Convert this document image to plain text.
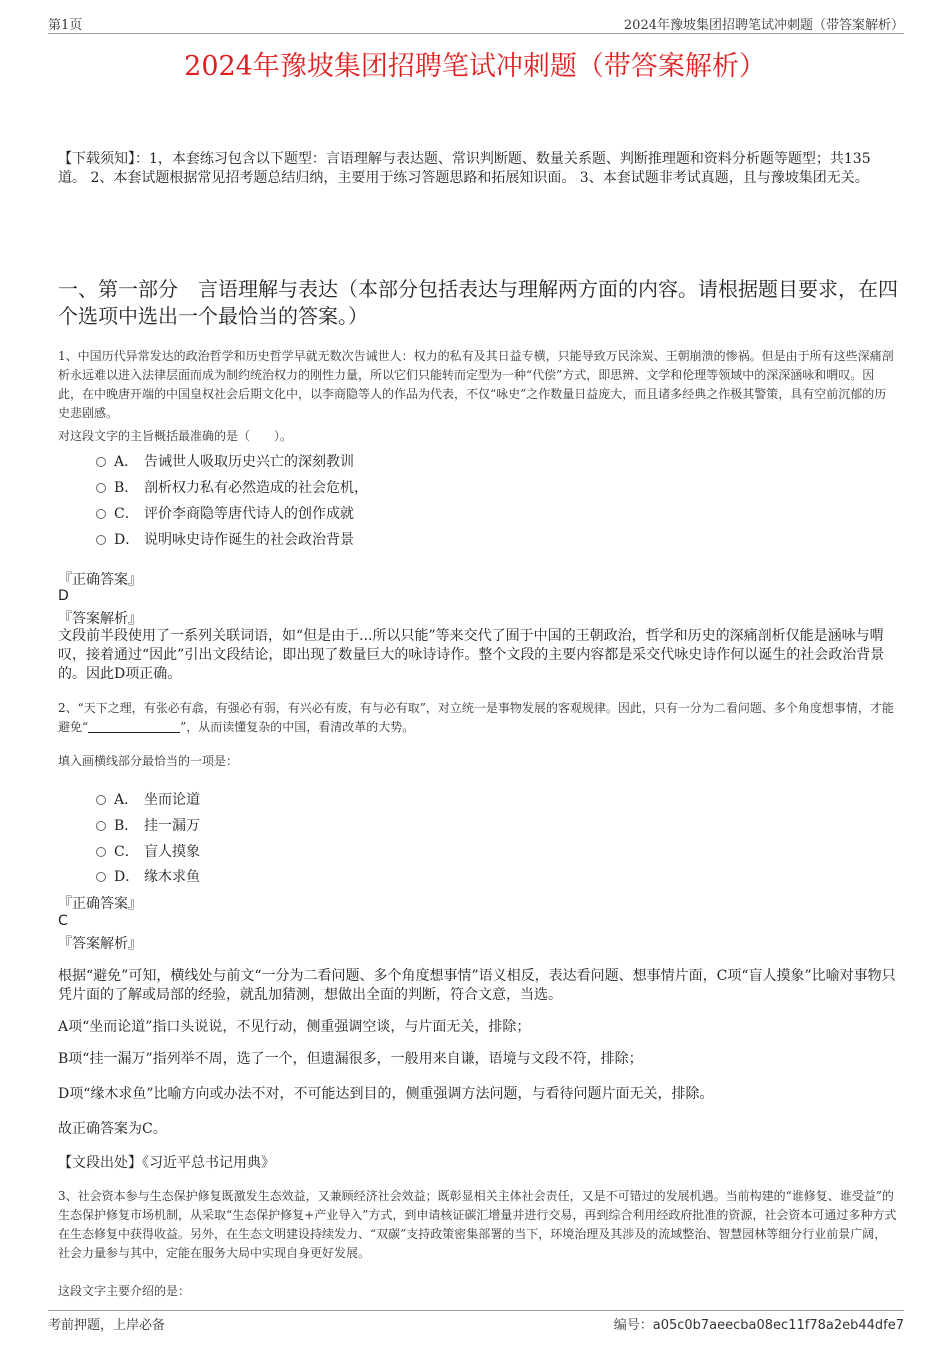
第1页	2024年豫坡集团招聘笔试冲刺题（带答案解析）
2024年豫坡集团招聘笔试冲刺题（带答案解析）
【下载须知】：1，本套练习包含以下题型：言语理解与表达题、常识判断题、数量关系题、判断推理题和资料分析题等题型；共135道。 2、本套试题根据常见招考题总结归纳，主要用于练习答题思路和拓展知识面。 3、本套试题非考试真题，且与豫坡集团无关。
一、第一部分　言语理解与表达（本部分包括表达与理解两方面的内容。请根据题目要求，在四个选项中选出一个最恰当的答案。）
1、中国历代异常发达的政治哲学和历史哲学早就无数次告诫世人：权力的私有及其日益专横，只能导致万民涂炭、王朝崩溃的惨祸。但是由于所有这些深痛剖析永远难以进入法律层面而成为制约统治权力的刚性力量，所以它们只能转而定型为一种“代偿”方式，即思辨、文学和伦理等领域中的深深涵咏和喟叹。因此，在中晚唐开端的中国皇权社会后期文化中，以李商隐等人的作品为代表，不仅“咏史”之作数量日益庞大，而且诸多经典之作极其警策，具有空前沉郁的历史悲剧感。
对这段文字的主旨概括最准确的是（　　）。
A． 告诫世人吸取历史兴亡的深刻教训
B． 剖析权力私有必然造成的社会危机，
C． 评价李商隐等唐代诗人的创作成就
D． 说明咏史诗作诞生的社会政治背景
『正确答案』
D
『答案解析』
文段前半段使用了一系列关联词语，如“但是由于...所以只能”等来交代了囿于中国的王朝政治，哲学和历史的深痛剖析仅能是涵咏与喟叹，接着通过“因此”引出文段结论，即出现了数量巨大的咏诗诗作。整个文段的主要内容都是采交代咏史诗作何以诞生的社会政治背景的。因此D项正确。
2、“天下之理，有张必有翕，有强必有弱，有兴必有废，有与必有取”，对立统一是事物发展的客观规律。因此，只有一分为二看问题、多个角度想事情，才能避免“	”，从而读懂复杂的中国，看清改革的大势。
填入画横线部分最恰当的一项是：
A． 坐而论道
B． 挂一漏万
C． 盲人摸象
D． 缘木求鱼
『正确答案』
C
『答案解析』
根据“避免”可知，横线处与前文“一分为二看问题、多个角度想事情”语义相反，表达看问题、想事情片面，C项“盲人摸象”比喻对事物只凭片面的了解或局部的经验，就乱加猜测，想做出全面的判断，符合文意，当选。
A项“坐而论道”指口头说说，不见行动，侧重强调空谈，与片面无关，排除；
B项“挂一漏万”指列举不周，选了一个，但遗漏很多，一般用来自谦，语境与文段不符，排除；
D项“缘木求鱼”比喻方向或办法不对，不可能达到目的，侧重强调方法问题，与看待问题片面无关，排除。
故正确答案为C。
【文段出处】《习近平总书记用典》
3、社会资本参与生态保护修复既激发生态效益，又兼顾经济社会效益；既彰显相关主体社会责任，又是不可错过的发展机遇。当前构建的“谁修复、谁受益”的生态保护修复市场机制，从采取“生态保护修复+产业导入”方式，到申请核证碳汇增量并进行交易，再到综合利用经政府批准的资源，社会资本可通过多种方式在生态修复中获得收益。另外，在生态文明建设持续发力、“双碳”支持政策密集部署的当下，环境治理及其涉及的流域整治、智慧园林等细分行业前景广阔，社会力量参与其中，定能在服务大局中实现自身更好发展。
这段文字主要介绍的是：
考前押题，上岸必备	编号：a05c0b7aeecba08ec11f78a2eb44dfe7
